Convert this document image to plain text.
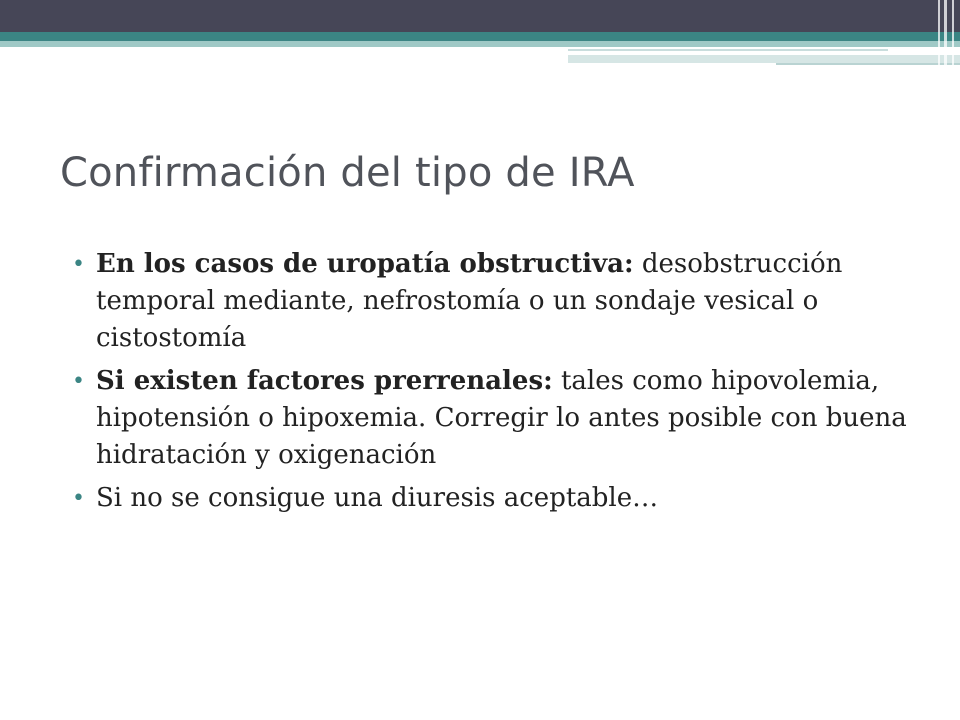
Confirmación del tipo de IRA
• En los casos de uropatía obstructiva: desobstrucción temporal mediante, nefrostomía o un sondaje vesical o cistostomía
• Si existen factores prerrenales: tales como hipovolemia, hipotensión o hipoxemia. Corregir lo antes posible con buena hidratación y oxigenación
• Si no se consigue una diuresis aceptable…
